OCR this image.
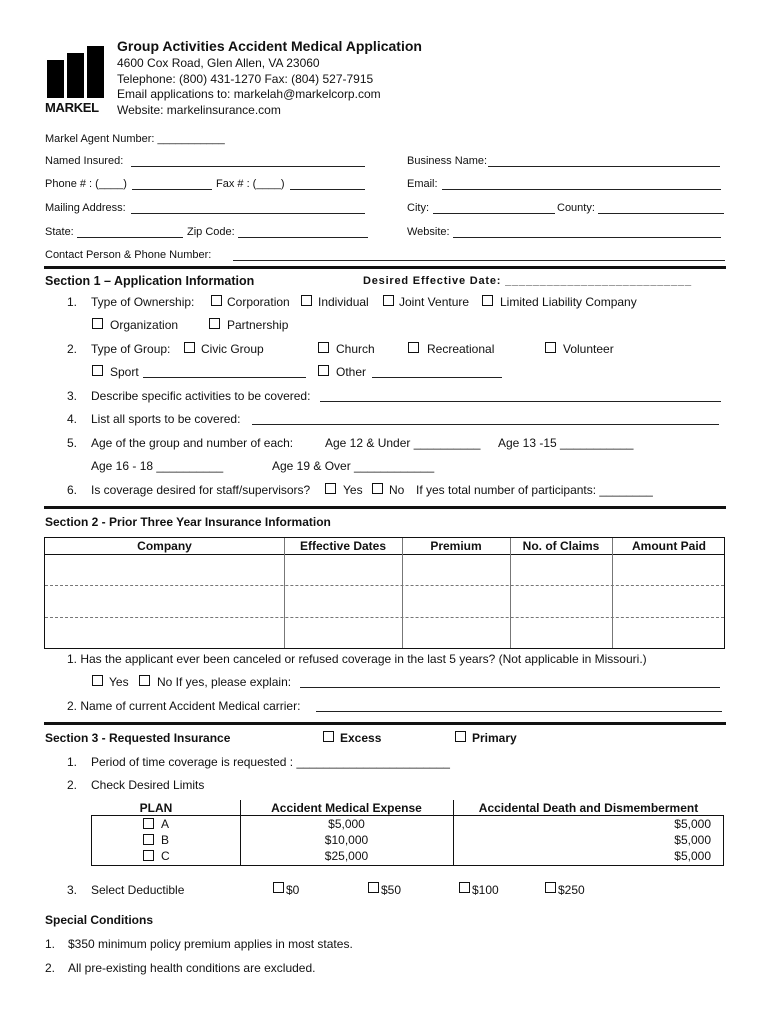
MARKEL
Group Activities Accident Medical Application
4600 Cox Road, Glen Allen, VA 23060
Telephone: (800) 431-1270 Fax: (804) 527-7915
Email applications to: markelah@markelcorp.com
Website: markelinsurance.com
Markel Agent Number: ___________
Named Insured:	Business Name:
Phone # : (____)	Fax # : (____)	Email:
Mailing Address:	City:	County:
State:	Zip Code:	Website:
Contact Person & Phone Number:
Section 1 – Application Information	Desired Effective Date: ___________________________
1. Type of Ownership:	Corporation Individual	Joint Venture	Limited Liability Company
Organization	Partnership
2. Type of Group:	Civic Group	Church	Recreational	Volunteer
Sport	Other
3. Describe specific activities to be covered:
4. List all sports to be covered:
5. Age of the group and number of each:	Age 12 & Under __________ Age 13 -15 ___________
Age 16 - 18 __________	Age 19 & Over ____________
6. Is coverage desired for staff/supervisors?	Yes No If yes total number of participants: ________
Section 2 - Prior Three Year Insurance Information
Company	Effective Dates	Premium	No. of Claims	Amount Paid
1. Has the applicant ever been canceled or refused coverage in the last 5 years? (Not applicable in Missouri.)
Yes No If yes, please explain:
2. Name of current Accident Medical carrier:
Section 3 - Requested Insurance	Excess	Primary
1. Period of time coverage is requested : _______________________
2. Check Desired Limits
PLAN	Accident Medical Expense	Accidental Death and Dismemberment
A	$5,000	$5,000
B	$10,000	$5,000
C	$25,000	$5,000
3. Select Deductible	$0	$50	$100	$250
Special Conditions
1. $350 minimum policy premium applies in most states.
2. All pre-existing health conditions are excluded.
